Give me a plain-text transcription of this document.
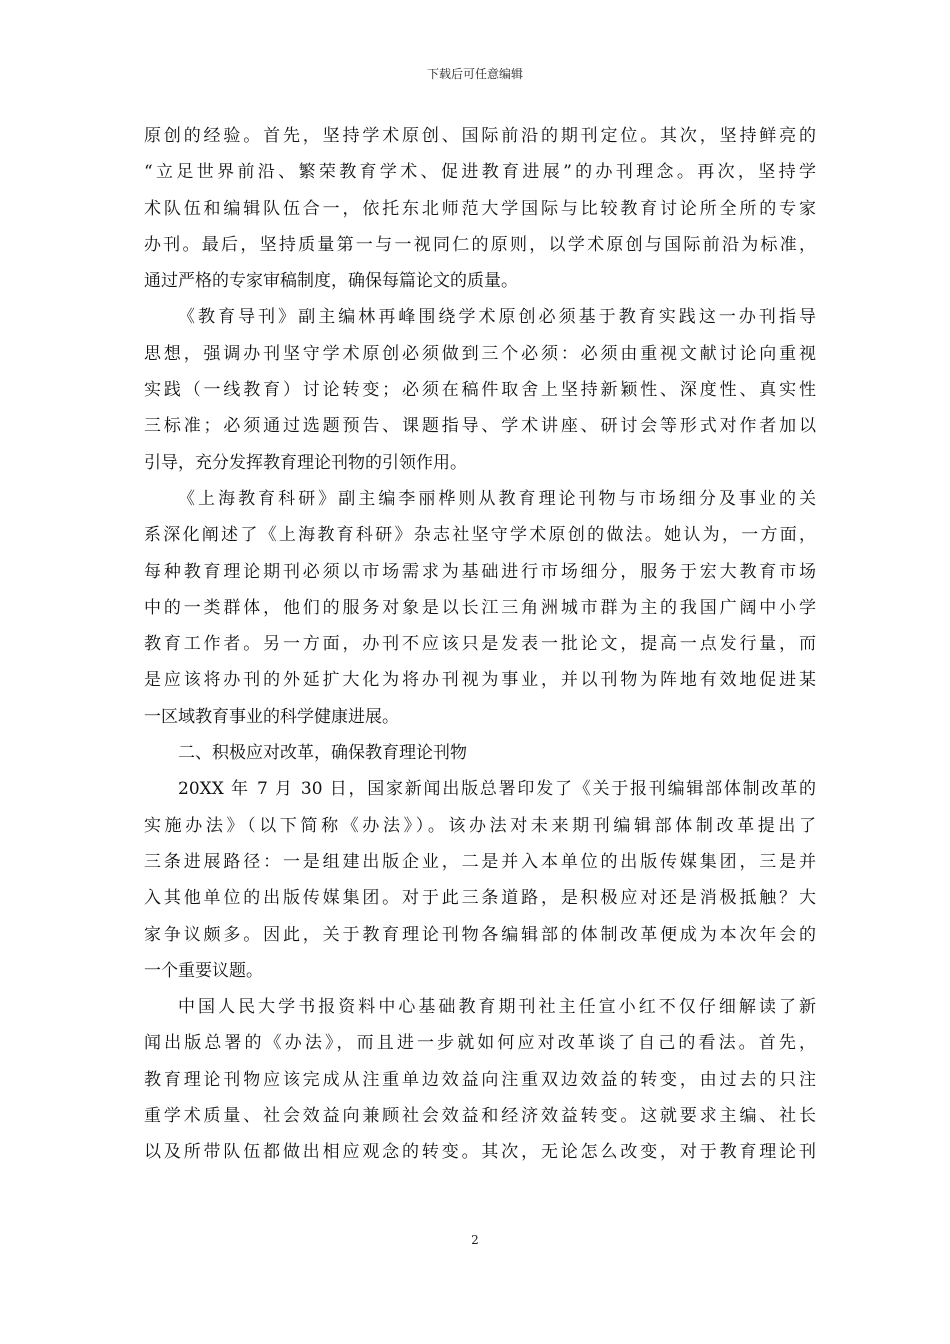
下载后可任意编辑
原创的经验。首先，坚持学术原创、国际前沿的期刊定位。其次，坚持鲜亮的
“立足世界前沿、繁荣教育学术、促进教育进展”的办刊理念。再次，坚持学
术队伍和编辑队伍合一，依托东北师范大学国际与比较教育讨论所全所的专家
办刊。最后，坚持质量第一与一视同仁的原则，以学术原创与国际前沿为标准，
通过严格的专家审稿制度，确保每篇论文的质量。
《教育导刊》副主编林再峰围绕学术原创必须基于教育实践这一办刊指导
思想，强调办刊坚守学术原创必须做到三个必须：必须由重视文献讨论向重视
实践（一线教育）讨论转变；必须在稿件取舍上坚持新颖性、深度性、真实性
三标准；必须通过选题预告、课题指导、学术讲座、研讨会等形式对作者加以
引导，充分发挥教育理论刊物的引领作用。
《上海教育科研》副主编李丽桦则从教育理论刊物与市场细分及事业的关
系深化阐述了《上海教育科研》杂志社坚守学术原创的做法。她认为，一方面，
每种教育理论期刊必须以市场需求为基础进行市场细分，服务于宏大教育市场
中的一类群体，他们的服务对象是以长江三角洲城市群为主的我国广阔中小学
教育工作者。另一方面，办刊不应该只是发表一批论文，提高一点发行量，而
是应该将办刊的外延扩大化为将办刊视为事业，并以刊物为阵地有效地促进某
一区域教育事业的科学健康进展。
二、积极应对改革，确保教育理论刊物
20XX 年 7 月 30 日，国家新闻出版总署印发了《关于报刊编辑部体制改革的
实施办法》（以下简称《办法》）。该办法对未来期刊编辑部体制改革提出了
三条进展路径：一是组建出版企业，二是并入本单位的出版传媒集团，三是并
入其他单位的出版传媒集团。对于此三条道路，是积极应对还是消极抵触？大
家争议颇多。因此，关于教育理论刊物各编辑部的体制改革便成为本次年会的
一个重要议题。
中国人民大学书报资料中心基础教育期刊社主任宣小红不仅仔细解读了新
闻出版总署的《办法》，而且进一步就如何应对改革谈了自己的看法。首先，
教育理论刊物应该完成从注重单边效益向注重双边效益的转变，由过去的只注
重学术质量、社会效益向兼顾社会效益和经济效益转变。这就要求主编、社长
以及所带队伍都做出相应观念的转变。其次，无论怎么改变，对于教育理论刊
2
